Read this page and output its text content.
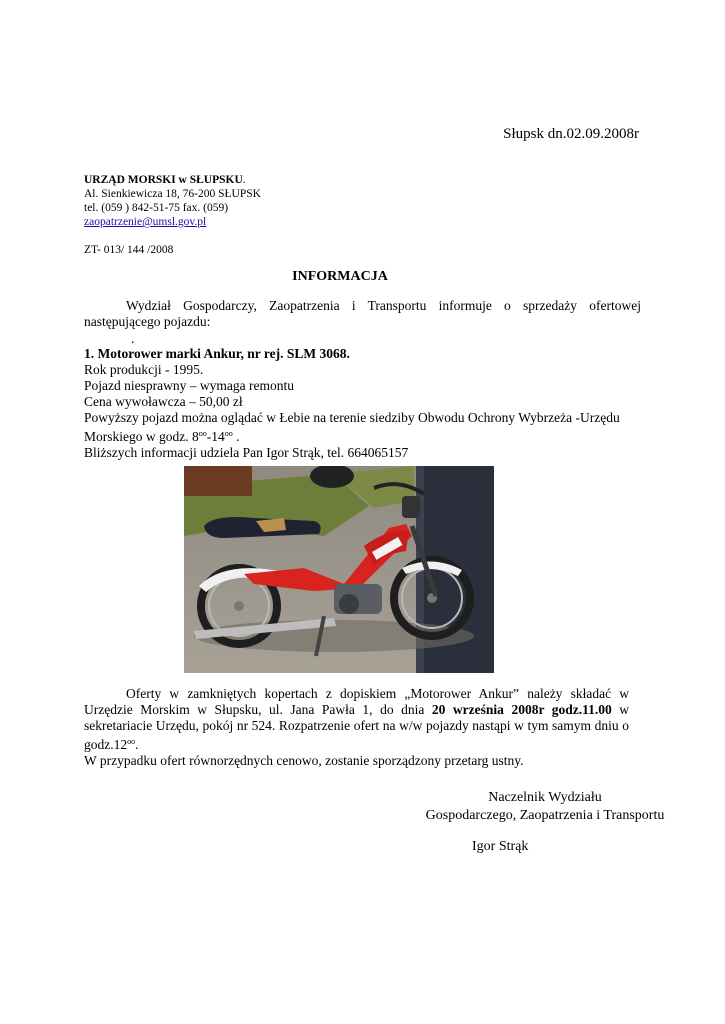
Słupsk dn.02.09.2008r
URZĄD MORSKI w SŁUPSKU.
Al. Sienkiewicza 18, 76-200 SŁUPSK
tel. (059 ) 842-51-75 fax. (059)
zaopatrzenie@umsl.gov.pl
ZT- 013/ 144 /2008
INFORMACJA
Wydział Gospodarczy, Zaopatrzenia i Transportu informuje o sprzedaży ofertowej następującego pojazdu:
.
1. Motorower marki Ankur, nr rej. SLM 3068.
Rok produkcji - 1995.
Pojazd niesprawny – wymaga remontu
Cena wywoławcza – 50,00 zł
Powyższy pojazd można oglądać w Łebie na terenie siedziby Obwodu Ochrony Wybrzeża -Urzędu
Morskiego w godz. $8^{oo}-14^{oo}$ .
Bliższych informacji udziela Pan Igor Strąk, tel. 664065157
Oferty w zamkniętych kopertach z dopiskiem „Motorower Ankur” należy składać w Urzędzie Morskim w Słupsku, ul. Jana Pawła 1, do dnia 20 września 2008r godz.11.00 w sekretariacie Urzędu, pokój nr 524. Rozpatrzenie ofert na w/w pojazdy nastąpi w tym samym dniu o $godz.12^{oo}$.
W przypadku ofert równorzędnych cenowo, zostanie sporządzony przetarg ustny.
Naczelnik Wydziału
Gospodarczego, Zaopatrzenia i Transportu
Igor Strąk
